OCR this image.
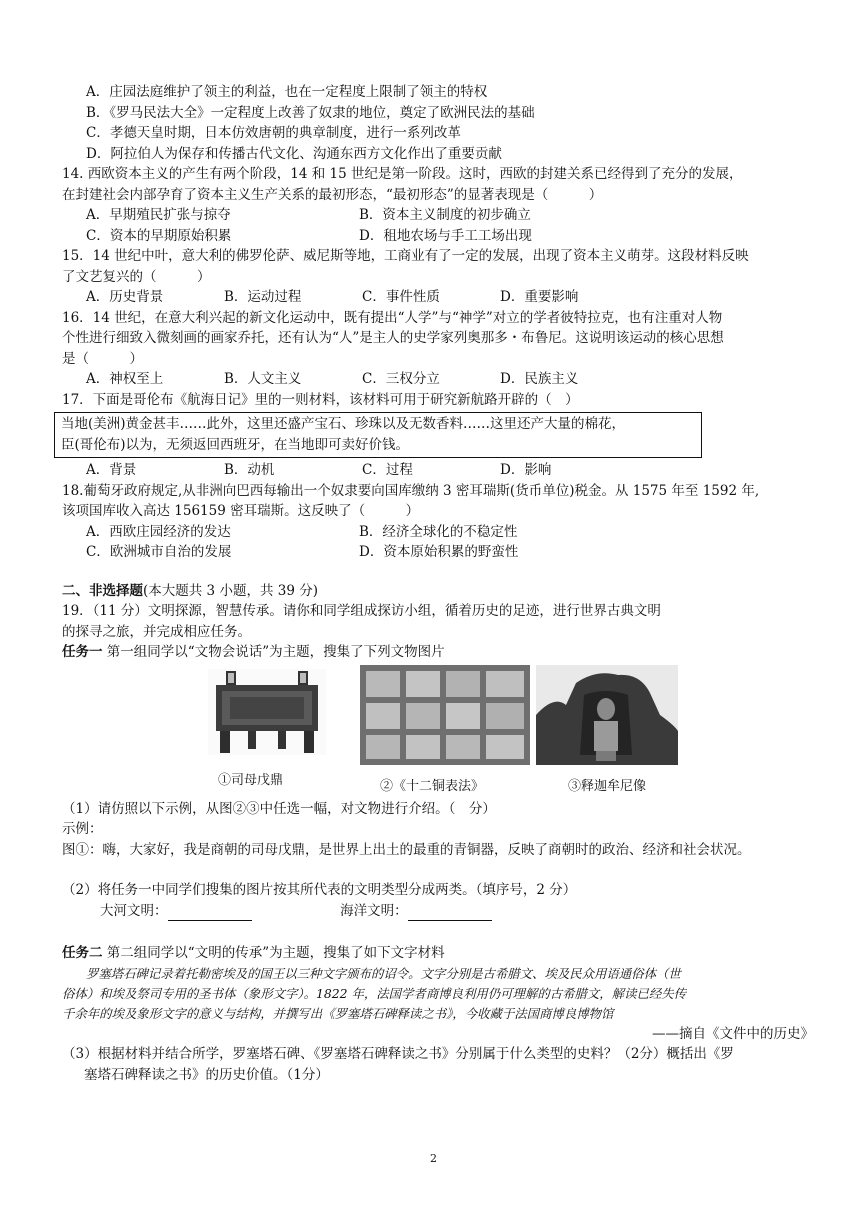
A．庄园法庭维护了领主的利益，也在一定程度上限制了领主的特权
B．《罗马民法大全》一定程度上改善了奴隶的地位，奠定了欧洲民法的基础
C．孝德天皇时期，日本仿效唐朝的典章制度，进行一系列改革
D．阿拉伯人为保存和传播古代文化、沟通东西方文化作出了重要贡献
14. 西欧资本主义的产生有两个阶段，14 和 15 世纪是第一阶段。这时，西欧的封建关系已经得到了充分的发展，
在封建社会内部孕育了资本主义生产关系的最初形态，“最初形态”的显著表现是（　　　）
A．早期殖民扩张与掠夺	B．资本主义制度的初步确立
C．资本的早期原始积累	D．租地农场与手工工场出现
15．14 世纪中叶，意大利的佛罗伦萨、威尼斯等地，工商业有了一定的发展，出现了资本主义萌芽。这段材料反映
了文艺复兴的（　　　）
A．历史背景	B．运动过程	C．事件性质	D．重要影响
16．14 世纪，在意大利兴起的新文化运动中，既有提出“人学”与“神学”对立的学者彼特拉克，也有注重对人物
个性进行细致入微刻画的画家乔托，还有认为“人”是主人的史学家列奥那多・布鲁尼。这说明该运动的核心思想
是（　　　）
A．神权至上	B．人文主义	C．三权分立	D．民族主义
17．下面是哥伦布《航海日记》里的一则材料，该材料可用于研究新航路开辟的（　）
当地(美洲)黄金甚丰……此外，这里还盛产宝石、珍珠以及无数香料……这里还产大量的棉花，
臣(哥伦布)以为，无须返回西班牙，在当地即可卖好价钱。
A．背景	B．动机	C．过程	D．影响
18.葡萄牙政府规定,从非洲向巴西每输出一个奴隶要向国库缴纳 3 密耳瑞斯(货币单位)税金。从 1575 年至 1592 年,
该项国库收入高达 156159 密耳瑞斯。这反映了（　　　）
A．西欧庄园经济的发达	B．经济全球化的不稳定性
C．欧洲城市自治的发展	D．资本原始积累的野蛮性
二、非选择题(本大题共 3 小题，共 39 分)
19．（11 分）文明探源，智慧传承。请你和同学组成探访小组，循着历史的足迹，进行世界古典文明
的探寻之旅，并完成相应任务。
任务一 第一组同学以“文物会说话”为主题，搜集了下列文物图片
①司母戊鼎	②《十二铜表法》	③释迦牟尼像
（1）请仿照以下示例，从图②③中任选一幅，对文物进行介绍。（　分）
示例：
图①：嗨，大家好，我是商朝的司母戊鼎，是世界上出土的最重的青铜器，反映了商朝时的政治、经济和社会状况。
（2）将任务一中同学们搜集的图片按其所代表的文明类型分成两类。（填序号，2 分）
大河文明：	海洋文明：
任务二 第二组同学以“文明的传承”为主题，搜集了如下文字材料
罗塞塔石碑记录着托勒密埃及的国王以三种文字颁布的诏令。文字分别是古希腊文、埃及民众用语通俗体（世
俗体）和埃及祭司专用的圣书体（象形文字）。1822 年，法国学者商博良利用仍可理解的古希腊文，解读已经失传
千余年的埃及象形文字的意义与结构，并撰写出《罗塞塔石碑释读之书》，今收藏于法国商博良博物馆
——摘自《文件中的历史》
（3）根据材料并结合所学，罗塞塔石碑、《罗塞塔石碑释读之书》分别属于什么类型的史料？（2分）概括出《罗
塞塔石碑释读之书》的历史价值。（1分）
2
